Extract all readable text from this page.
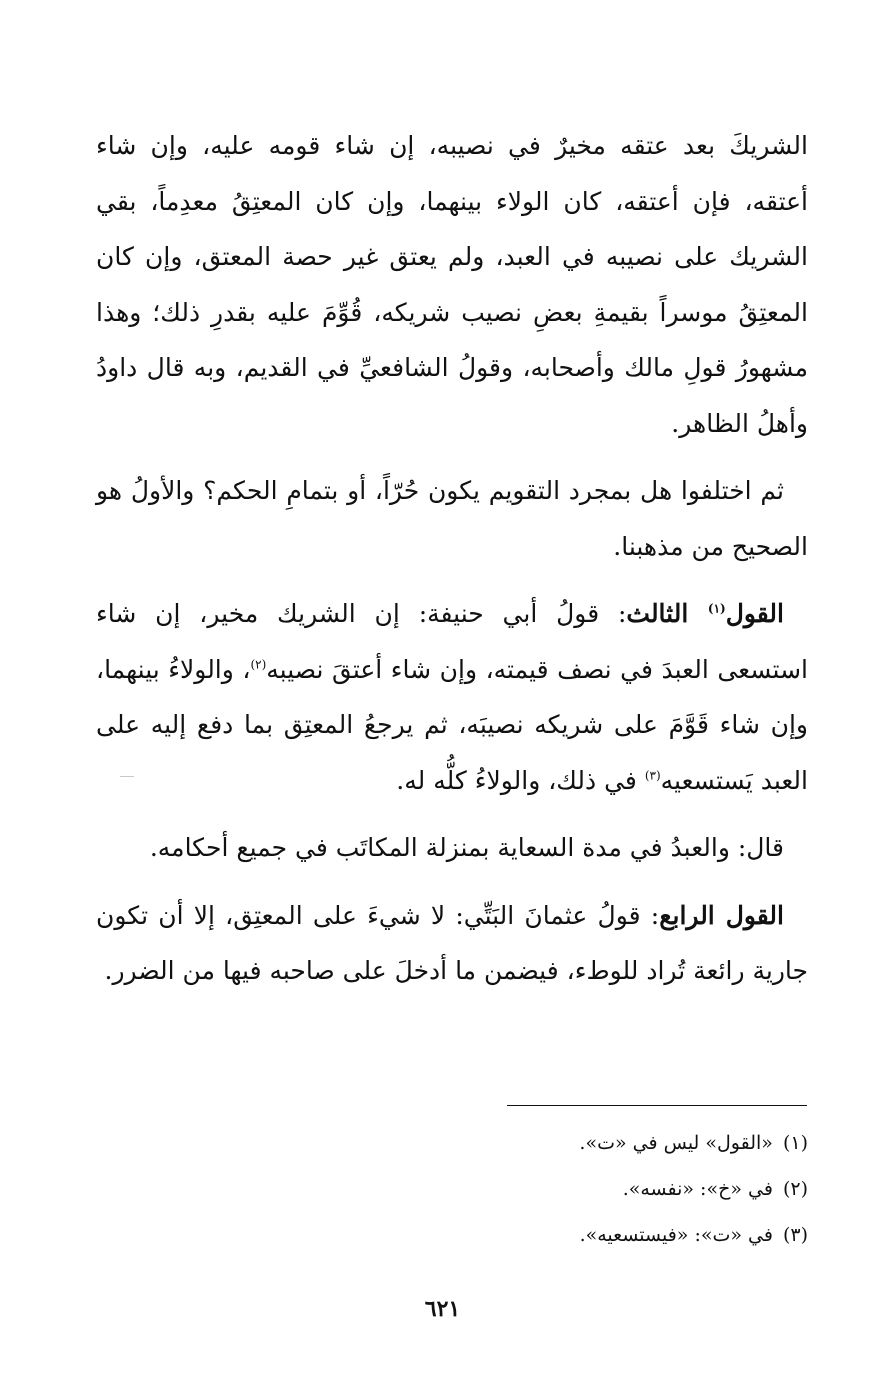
الشريكَ بعد عتقه مخيرٌ في نصيبه، إن شاء قومه عليه، وإن شاء أعتقه، فإن أعتقه، كان الولاء بينهما، وإن كان المعتِقُ معدِماً، بقي الشريك على نصيبه في العبد، ولم يعتق غير حصة المعتق، وإن كان المعتِقُ موسراً بقيمةِ بعضِ نصيب شريكه، قُوِّمَ عليه بقدرِ ذلك؛ وهذا مشهورُ قولِ مالك وأصحابه، وقولُ الشافعيِّ في القديم، وبه قال داودُ وأهلُ الظاهر.

ثم اختلفوا هل بمجرد التقويم يكون حُرّاً، أو بتمامِ الحكم؟ والأولُ هو الصحيح من مذهبنا.

القول$^{(١)}$ الثالث: قولُ أبي حنيفة: إن الشريك مخير، إن شاء استسعى العبدَ في نصف قيمته، وإن شاء أعتقَ نصيبه$^{(٢)}$، والولاءُ بينهما، وإن شاء قَوَّمَ على شريكه نصيبَه، ثم يرجعُ المعتِق بما دفع إليه على العبد يَستسعيه$^{(٣)}$ في ذلك، والولاءُ كلُّه له.

قال: والعبدُ في مدة السعاية بمنزلة المكاتَب في جميع أحكامه.

القول الرابع: قولُ عثمانَ البَتِّي: لا شيءَ على المعتِق، إلا أن تكون جارية رائعة تُراد للوطء، فيضمن ما أدخلَ على صاحبه فيها من الضرر.

(١)«القول» ليس في «ت».
(٢)في «خ»: «نفسه».
(٣)في «ت»: «فيستسعيه».
٦٢١
